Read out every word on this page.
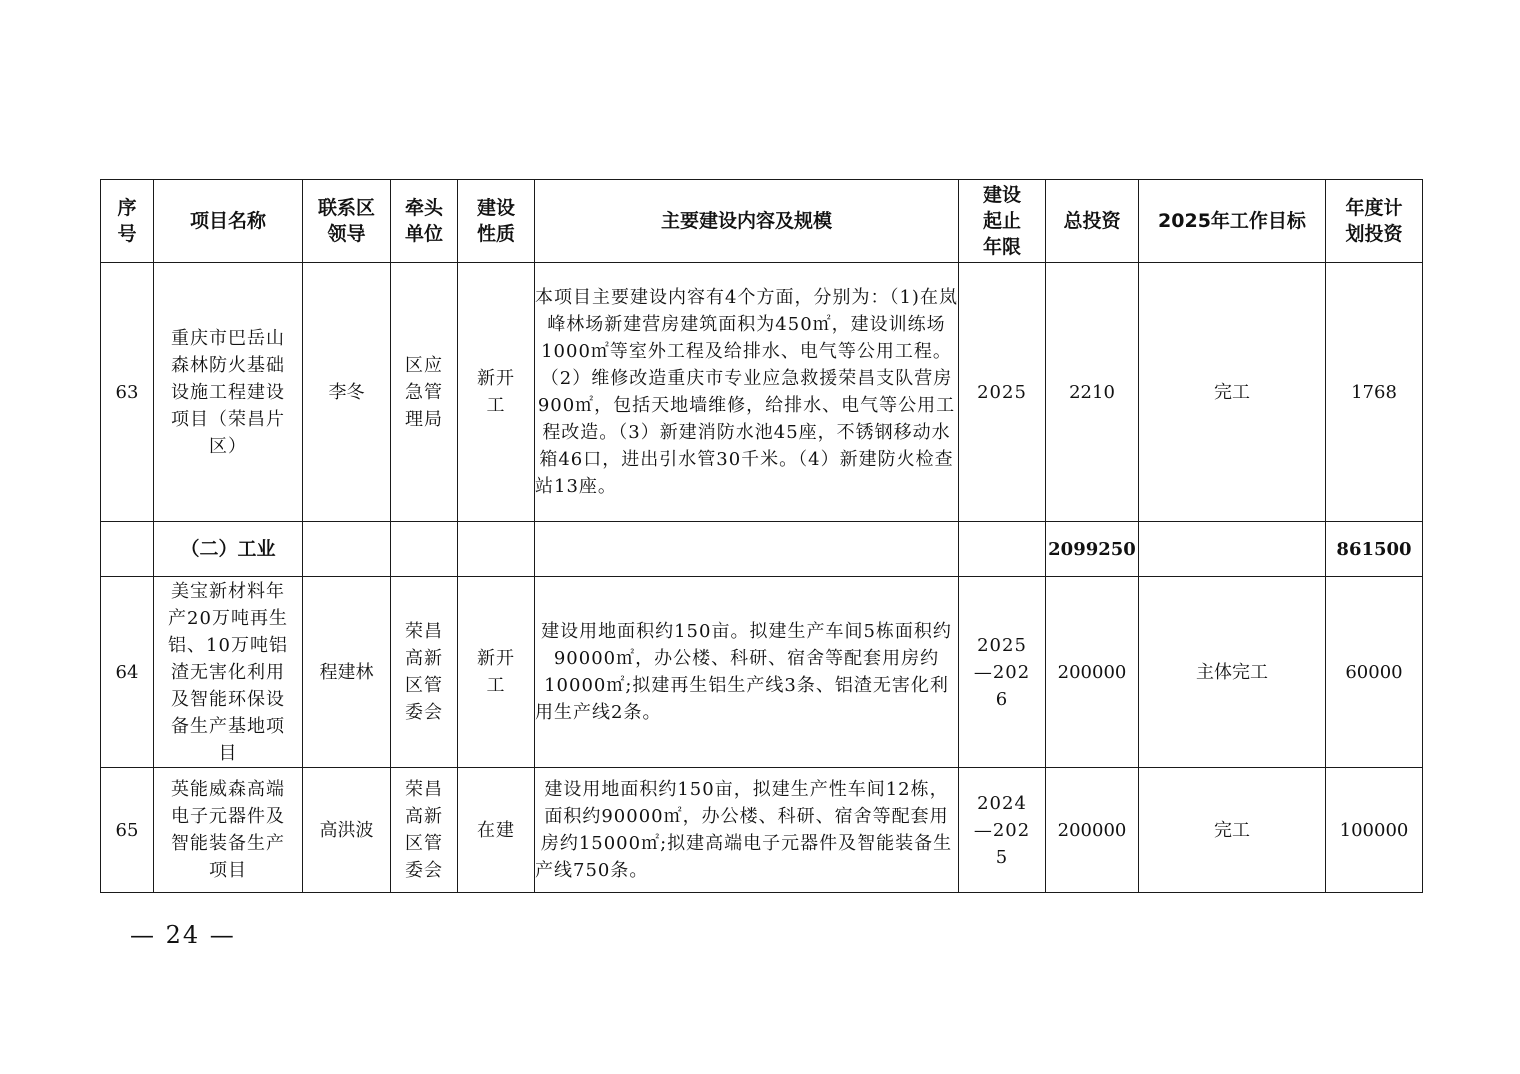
序号	项目名称	联系区领导	牵头单位	建设性质	主要建设内容及规模	建设起止年限	总投资	2025年工作目标	年度计划投资

63	重庆市巴岳山森林防火基础设施工程建设项目（荣昌片区）	李冬	区应急管理局	新开工	本项目主要建设内容有4个方面，分别为：（1)在岚峰林场新建营房建筑面积为450㎡，建设训练场1000㎡等室外工程及给排水、电气等公用工程。（2）维修改造重庆市专业应急救援荣昌支队营房900㎡，包括天地墙维修，给排水、电气等公用工程改造。（3）新建消防水池45座，不锈钢移动水箱46口，进出引水管30千米。（4）新建防火检查站13座。	2025	2210	完工	1768
	（二）工业						2099250		861500
64	美宝新材料年产20万吨再生铝、10万吨铝渣无害化利用及智能环保设备生产基地项目	程建林	荣昌高新区管委会	新开工	建设用地面积约150亩。拟建生产车间5栋面积约90000㎡，办公楼、科研、宿舍等配套用房约10000㎡;拟建再生铝生产线3条、铝渣无害化利用生产线2条。	2025—2026	200000	主体完工	60000
65	英能威森高端电子元器件及智能装备生产项目	高洪波	荣昌高新区管委会	在建	建设用地面积约150亩，拟建生产性车间12栋，面积约90000㎡，办公楼、科研、宿舍等配套用房约15000㎡;拟建高端电子元器件及智能装备生产线750条。	2024—2025	200000	完工	100000
— 24 —
